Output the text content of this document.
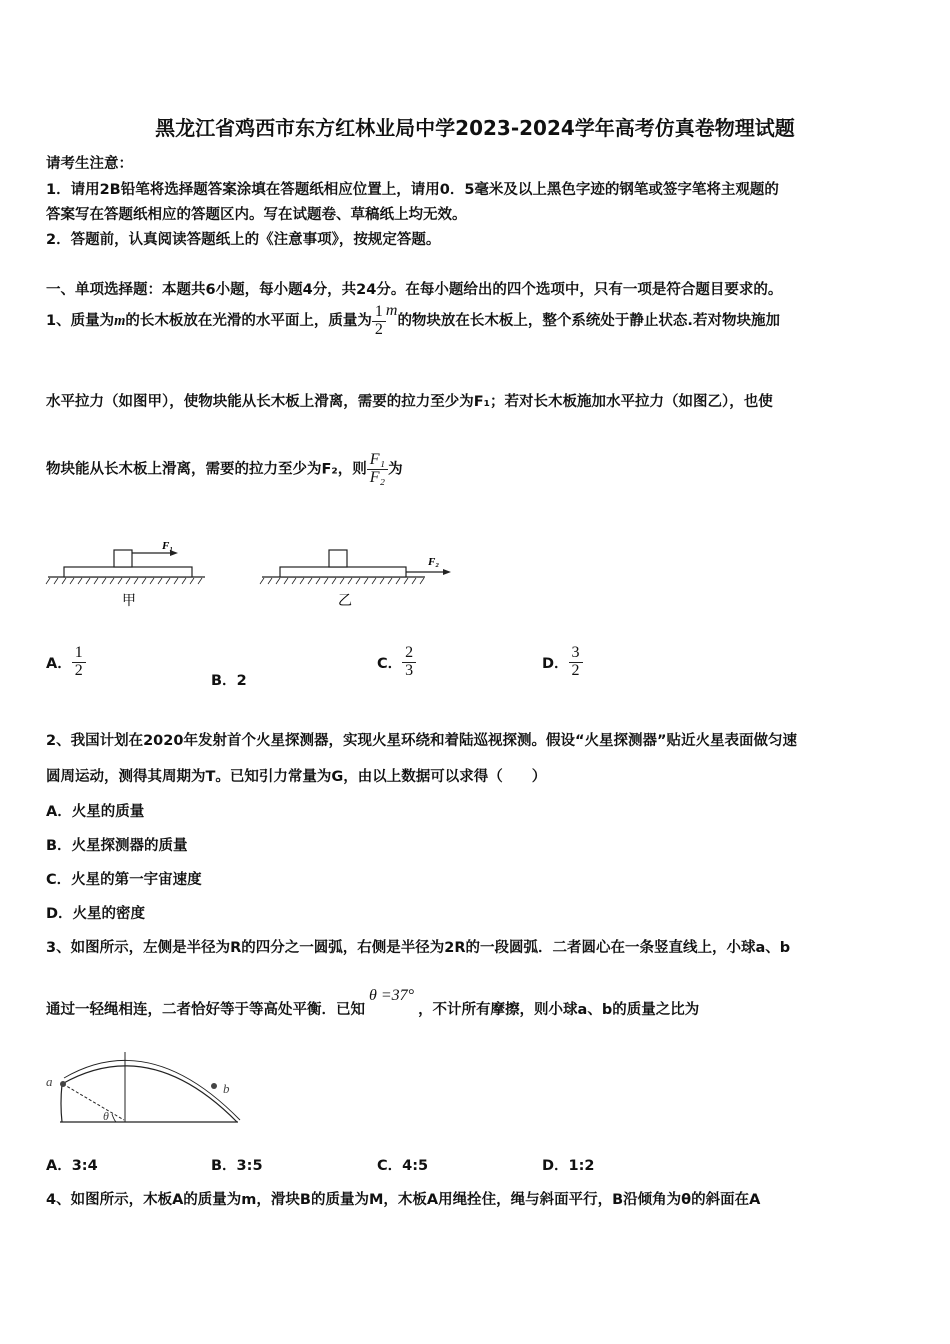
黑龙江省鸡西市东方红林业局中学2023-2024学年高考仿真卷物理试题
请考生注意：
1．请用2B铅笔将选择题答案涂填在答题纸相应位置上，请用0．5毫米及以上黑色字迹的钢笔或签字笔将主观题的
答案写在答题纸相应的答题区内。写在试题卷、草稿纸上均无效。
2．答题前，认真阅读答题纸上的《注意事项》，按规定答题。
一、单项选择题：本题共6小题，每小题4分，共24分。在每小题给出的四个选项中，只有一项是符合题目要求的。
1、质量为m的长木板放在光滑的水平面上，质量为 $\frac{1}{2}$ m的物块放在长木板上，整个系统处于静止状态.若对物块施加
水平拉力（如图甲），使物块能从长木板上滑离，需要的拉力至少为F₁；若对长木板施加水平拉力（如图乙），也使
物块能从长木板上滑离，需要的拉力至少为F₂，则 $\frac{\text{F₁}}{\text{F₂}}$ 为
F₁
甲
F₂
乙
A． $\frac{1}{2}$
B．2
C． $\frac{2}{3}$	D． $\frac{3}{2}$
2、我国计划在2020年发射首个火星探测器，实现火星环绕和着陆巡视探测。假设“火星探测器”贴近火星表面做匀速
圆周运动，测得其周期为T。已知引力常量为G，由以上数据可以求得（　　）
A．火星的质量
B．火星探测器的质量
C．火星的第一宇宙速度
D．火星的密度
3、如图所示，左侧是半径为R的四分之一圆弧，右侧是半径为2R的一段圆弧．二者圆心在一条竖直线上，小球a、b
通过一轻绳相连，二者恰好等于等高处平衡．已知θ =37°，不计所有摩擦，则小球a、b的质量之比为
a	b
θ
A．3:4	B．3:5	C．4:5	D．1:2
4、如图所示，木板A的质量为m，滑块B的质量为M，木板A用绳拴住，绳与斜面平行，B沿倾角为θ的斜面在A
